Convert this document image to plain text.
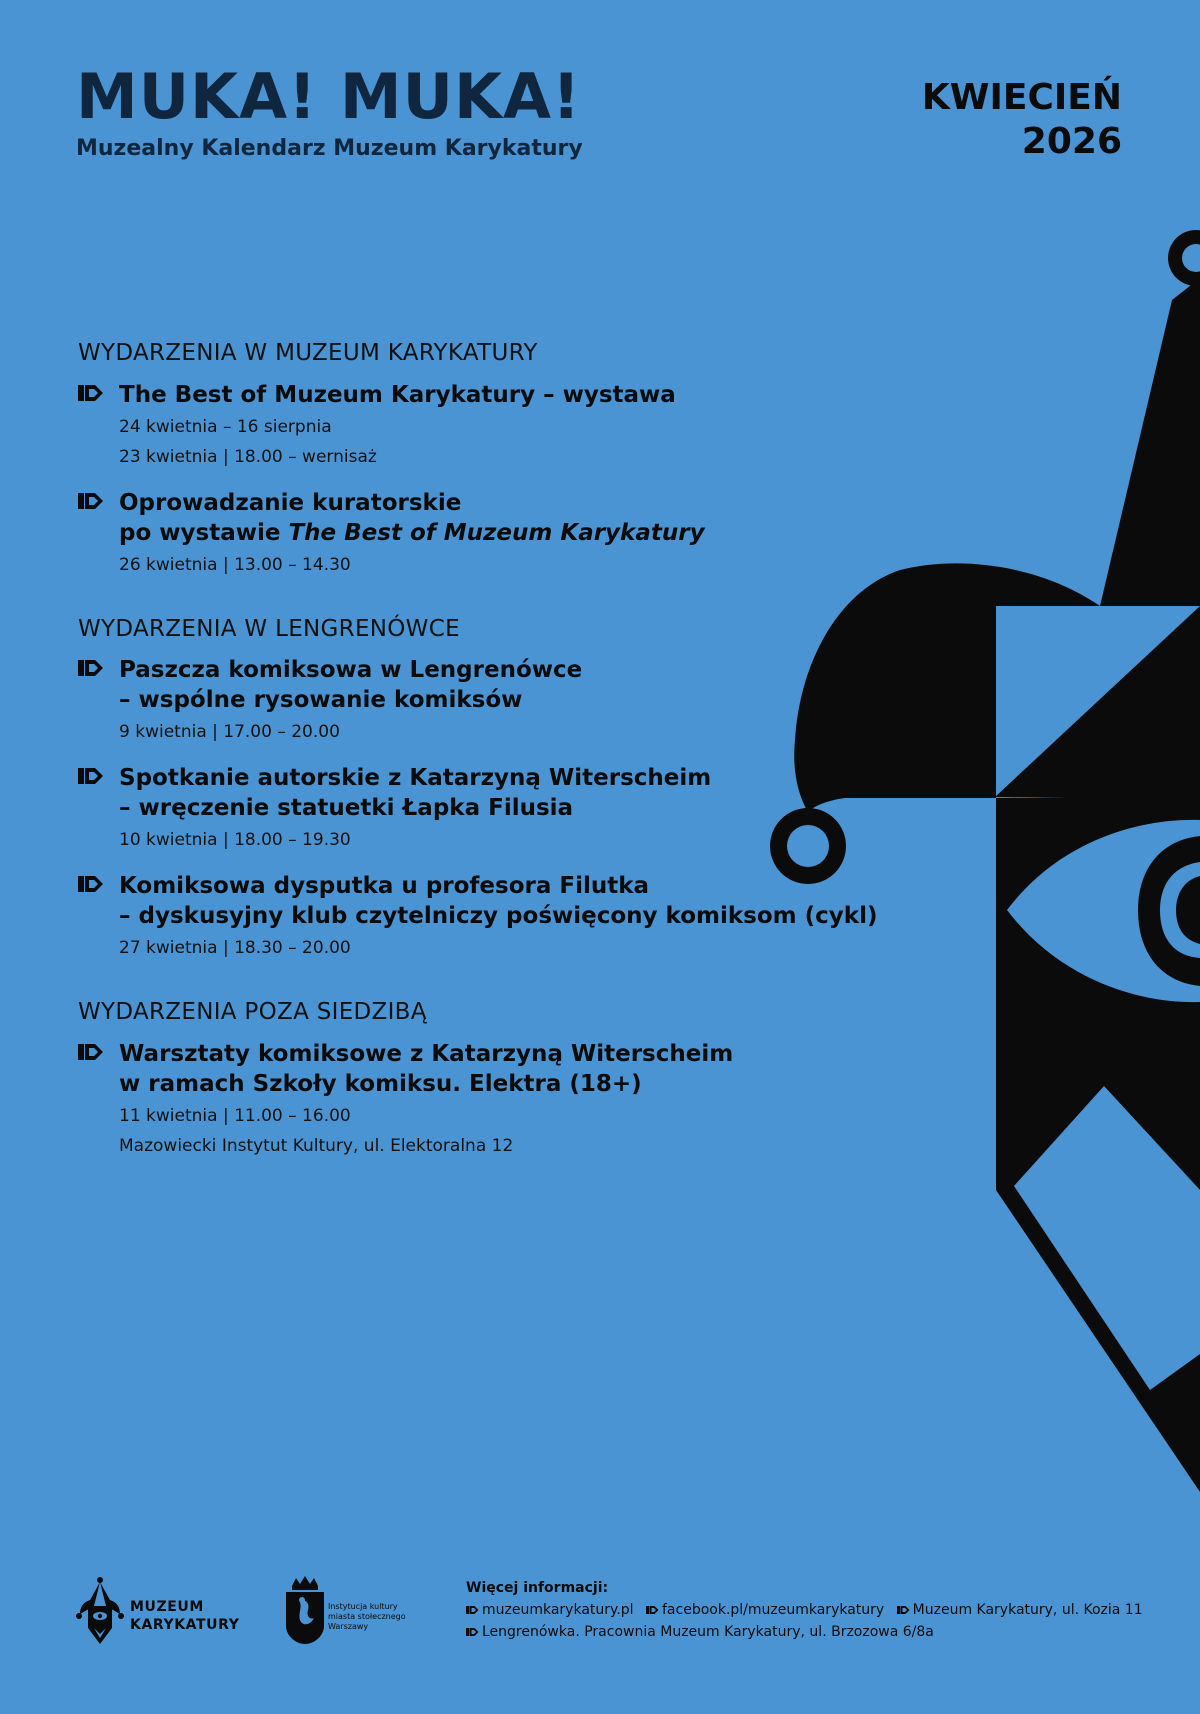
MUKA! MUKA!
Muzealny Kalendarz Muzeum Karykatury
KWIECIEŃ
2026
WYDARZENIA W MUZEUM KARYKATURY
The Best of Muzeum Karykatury – wystawa
24 kwietnia – 16 sierpnia
23 kwietnia | 18.00 – wernisaż
Oprowadzanie kuratorskie
po wystawie The Best of Muzeum Karykatury
26 kwietnia | 13.00 – 14.30
WYDARZENIA W LENGRENÓWCE
Paszcza komiksowa w Lengrenówce
– wspólne rysowanie komiksów
9 kwietnia | 17.00 – 20.00
Spotkanie autorskie z Katarzyną Witerscheim
– wręczenie statuetki Łapka Filusia
10 kwietnia | 18.00 – 19.30
Komiksowa dysputka u profesora Filutka
– dyskusyjny klub czytelniczy poświęcony komiksom (cykl)
27 kwietnia | 18.30 – 20.00
WYDARZENIA POZA SIEDZIBĄ
Warsztaty komiksowe z Katarzyną Witerscheim
w ramach Szkoły komiksu. Elektra (18+)
11 kwietnia | 11.00 – 16.00
Mazowiecki Instytut Kultury, ul. Elektoralna 12
MUZEUM
KARYKATURY
Instytucja kultury
miasta stołecznego
Warszawy
Więcej informacji:
muzeumkarykatury.pl facebook.pl/muzeumkarykatury Muzeum Karykatury, ul. Kozia 11
Lengrenówka. Pracownia Muzeum Karykatury, ul. Brzozowa 6/8a
